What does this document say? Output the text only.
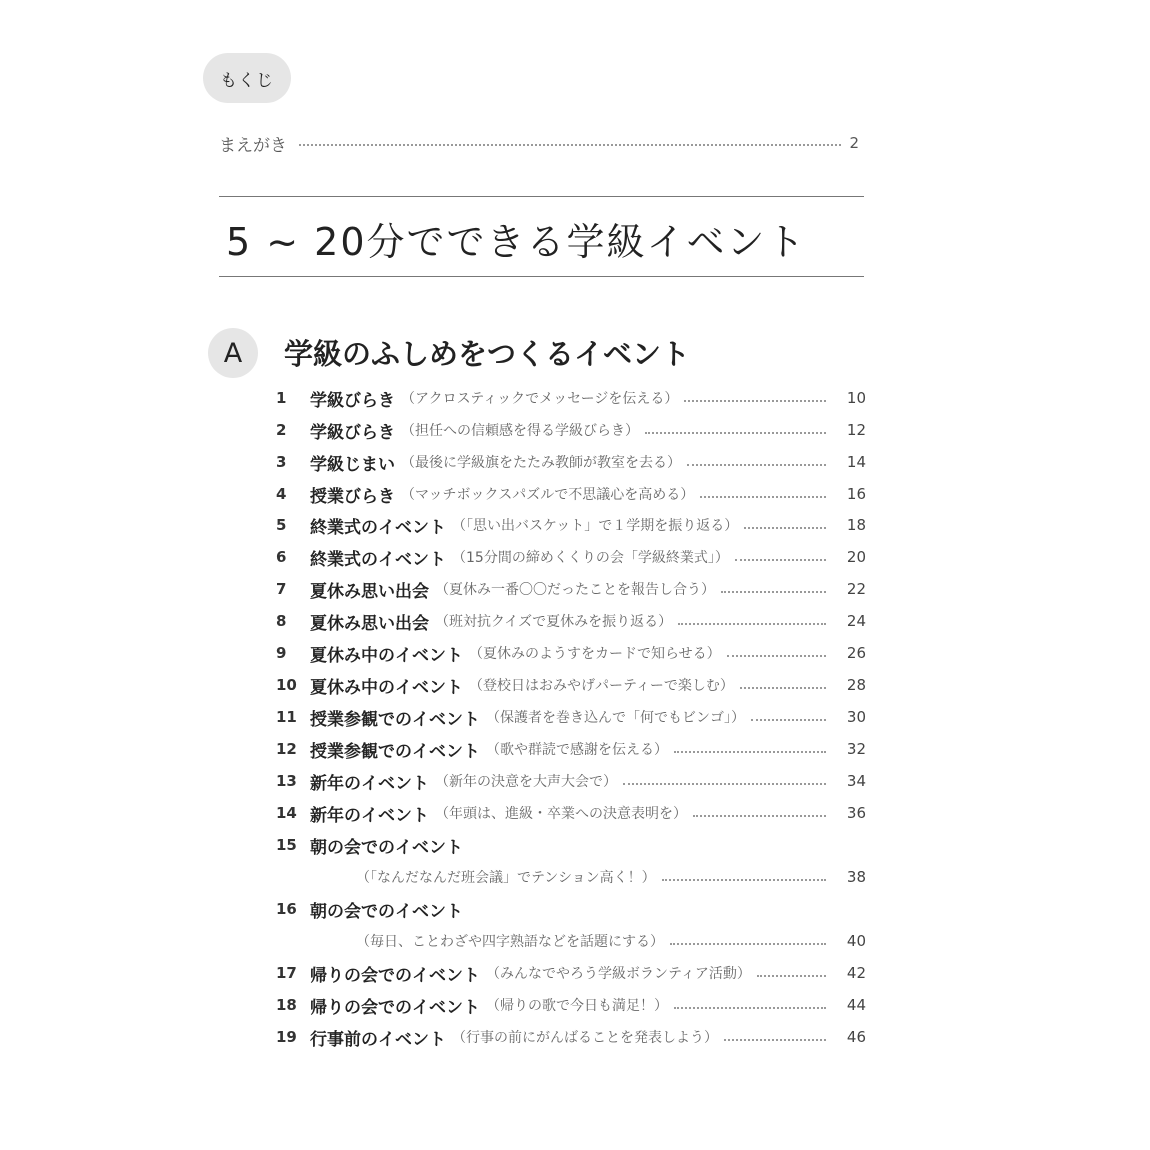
もくじ
まえがき	2
5 ~ 20分でできる学級イベント
A	学級のふしめをつくるイベント
1	学級びらき （アクロスティックでメッセージを伝える）	10
2	学級びらき （担任への信頼感を得る学級びらき）	12
3	学級じまい （最後に学級旗をたたみ教師が教室を去る）	14
4	授業びらき （マッチボックスパズルで不思議心を高める）	16
5	終業式のイベント （「思い出バスケット」で１学期を振り返る）	18
6	終業式のイベント （15分間の締めくくりの会「学級終業式」）	20
7	夏休み思い出会 （夏休み一番〇〇だったことを報告し合う）	22
8	夏休み思い出会 （班対抗クイズで夏休みを振り返る）	24
9	夏休み中のイベント （夏休みのようすをカードで知らせる）	26
10 夏休み中のイベント （登校日はおみやげパーティーで楽しむ）	28
11 授業参観でのイベント （保護者を巻き込んで「何でもビンゴ」）	30
12 授業参観でのイベント （歌や群読で感謝を伝える）	32
13 新年のイベント （新年の決意を大声大会で）	34
14 新年のイベント （年頭は、進級・卒業への決意表明を）	36
15 朝の会でのイベント
（「なんだなんだ班会議」でテンション高く！）	38
16 朝の会でのイベント
（毎日、ことわざや四字熟語などを話題にする）	40
17 帰りの会でのイベント （みんなでやろう学級ボランティア活動）	42
18 帰りの会でのイベント （帰りの歌で今日も満足！）	44
19 行事前のイベント （行事の前にがんばることを発表しよう）	46
